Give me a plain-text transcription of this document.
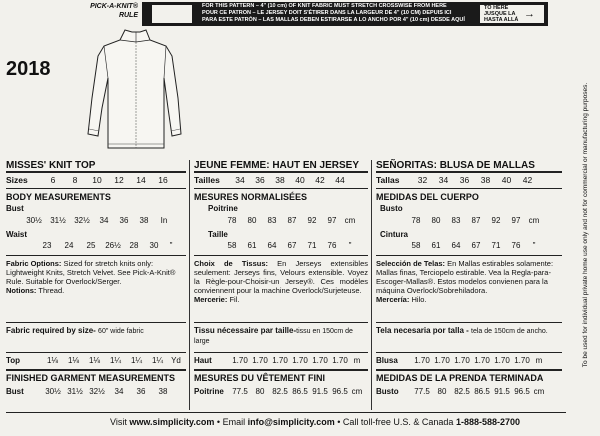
PICK-A-KNIT® RULE
FOR THIS PATTERN – 4" (10 cm) OF KNIT FABRIC MUST STRETCH CROSSWISE FROM HERE
POUR CE PATRON – LE JERSEY DOIT S'ÉTIRER DANS LA LARGEUR DE 4" (10 CM) DEPUIS ICI
PARA ESTE PATRÓN – LAS MALLAS DEBEN ESTIRARSE A LO ANCHO POR 4" (10 cm) DESDE AQUÍ
TO HERE
JUSQUE LA
HASTA ALLÁ →
2018
MISSES' KNIT TOP
Sizes	6	8	10	12	14	16
BODY MEASUREMENTS
Bust
30½	31½	32½	34	36	38	In
Waist
23	24	25	26½	28	30	"
Fabric Options: Sized for stretch knits only: Lightweight Knits, Stretch Velvet. See Pick-A-Knit® Rule. Suitable for Overlock/Serger.
Notions: Thread.
Fabric required by size- 60" wide fabric
Top	1⅛	1⅛	1⅛	1¼	1¼	1¼	Yd
FINISHED GARMENT MEASUREMENTS
Bust	30½ 31½ 32½	34	36	38
JEUNE FEMME: HAUT EN JERSEY
Tailles	34	36	38	40	42	44
MESURES NORMALISÉES
Poitrine
78	80	83	87	92	97	cm
Taille
58	61	64	67	71	76	"
Choix de Tissus: En Jerseys extensibles seulement: Jerseys fins, Velours extensible. Voyez la Règle-pour-Choisir-un Jersey®. Ces modèles conviennent pour la machine Overlock/Surjeteuse.
Mercerie: Fil.
Tissu nécessaire par taille-tissu en 150cm de large
Haut	1.70 1.70 1.70 1.70 1.70 1.70 m
MESURES DU VÊTEMENT FINI
Poitrine	77.5 80 82.5 86.5 91.5 96.5 cm
SEÑORITAS: BLUSA DE MALLAS
Tallas	32	34	36	38	40	42
MEDIDAS DEL CUERPO
Busto
78	80	83	87	92	97	cm
Cintura
58	61	64	67	71	76	"
Selección de Telas: En Mallas estirables solamente: Mallas finas, Terciopelo estirable. Vea la Regla-para-Escoger-Mallas®. Estos modelos convienen para la máquina Overlock/Sobrehiladora.
Mercería: Hilo.
Tela necesaria por talla - tela de 150cm de ancho.
Blusa	1.70 1.70 1.70 1.70 1.70 1.70 m
MEDIDAS DE LA PRENDA TERMINADA
Busto	77.5 80 82.5 86.5 91.5 96.5 cm
To be used for individual private home use only and not for commercial or manufacturing purposes.
Visit www.simplicity.com • Email info@simplicity.com • Call toll-free U.S. & Canada 1-888-588-2700
